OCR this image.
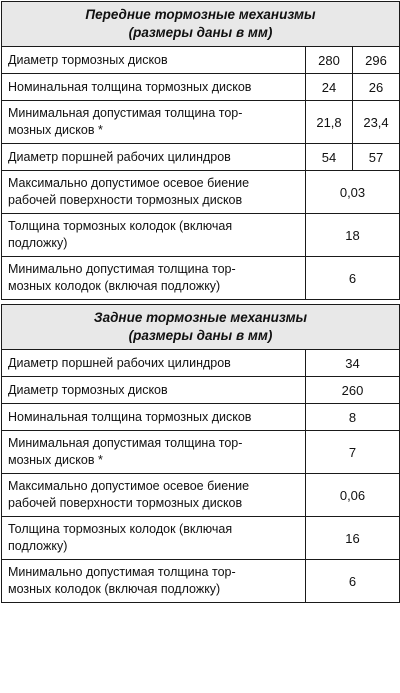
Передние тормозные механизмы
(размеры даны в мм)		

Диаметр тормозных дисков	280	296
Номинальная толщина тормозных дисков	24	26
Минимальная допустимая толщина тор-
мозных дисков *	21,8	23,4
Диаметр поршней рабочих цилиндров	54	57
Максимально допустимое осевое биение
рабочей поверхности тормозных дисков	0,03	
Толщина тормозных колодок (включая
подложку)	18	
Минимально допустимая толщина тор-
мозных колодок (включая подложку)	6	

Задние тормозные механизмы
(размеры даны в мм)		

Диаметр поршней рабочих цилиндров	34	
Диаметр тормозных дисков	260	
Номинальная толщина тормозных дисков	8	
Минимальная допустимая толщина тор-
мозных дисков *	7	
Максимально допустимое осевое биение
рабочей поверхности тормозных дисков	0,06	
Толщина тормозных колодок (включая
подложку)	16	
Минимально допустимая толщина тор-
мозных колодок (включая подложку)	6	
